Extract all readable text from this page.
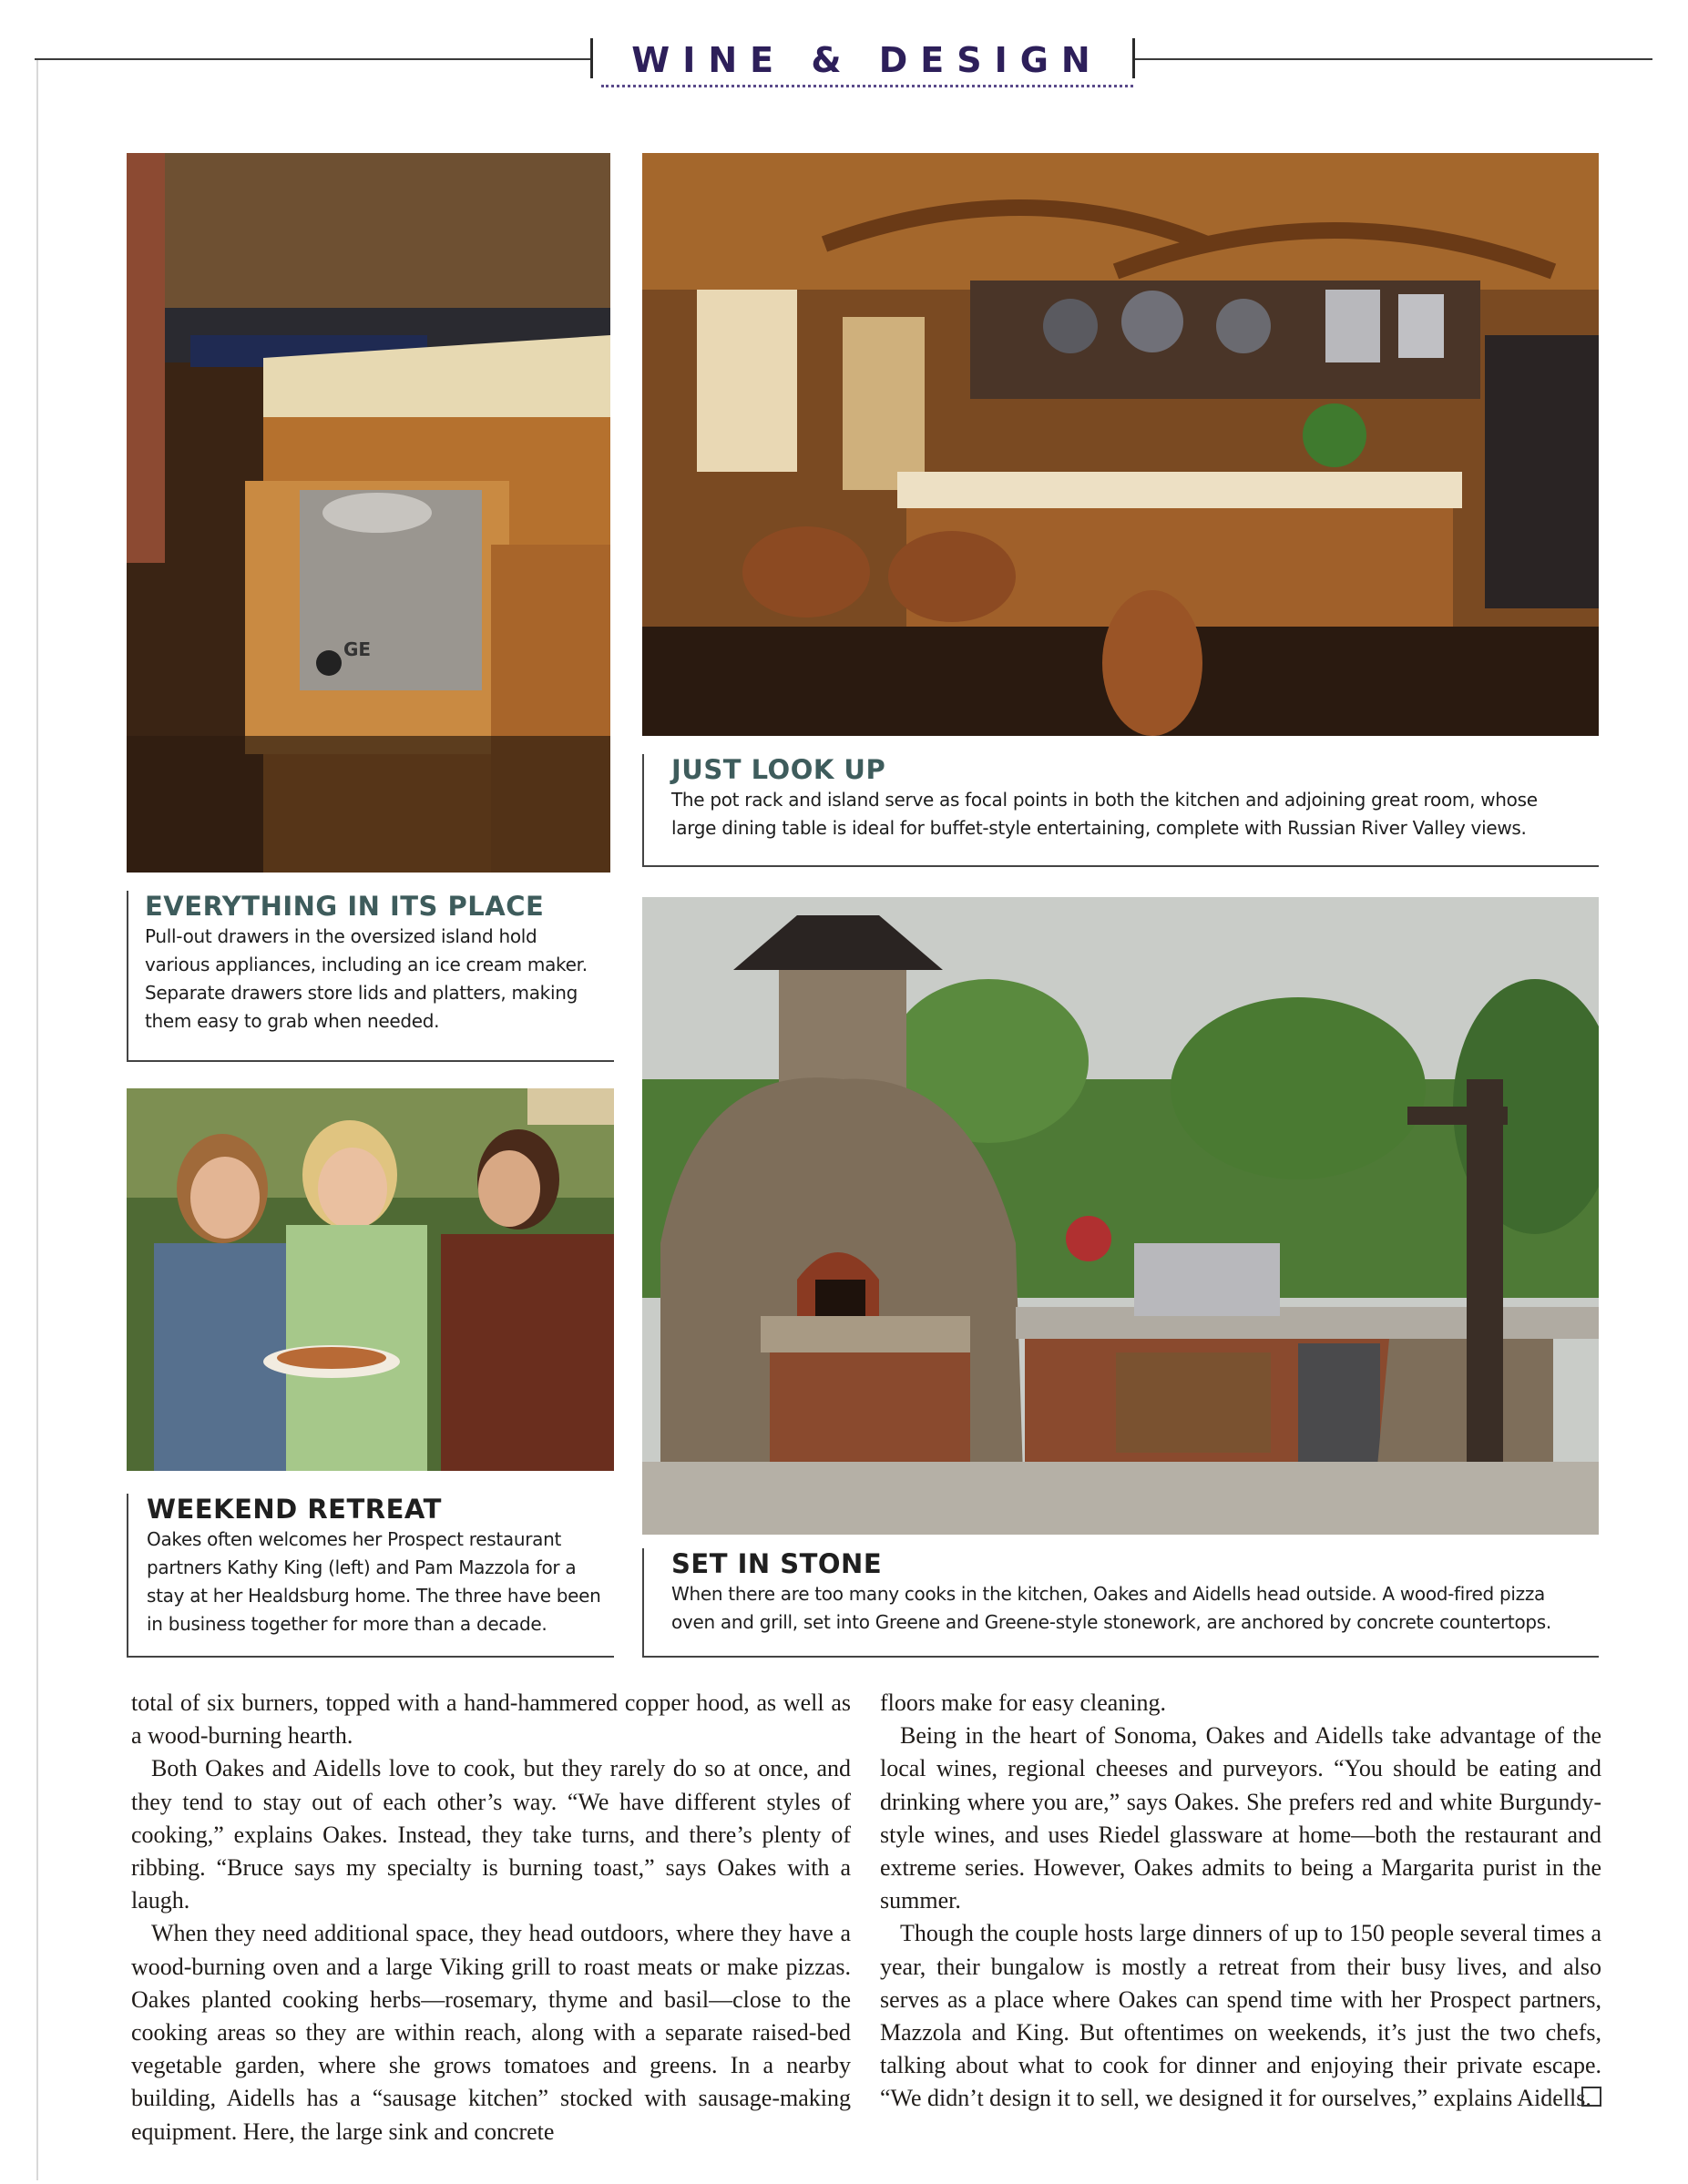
WINE & DESIGN
GE
JUST LOOK UP
The pot rack and island serve as focal points in both the kitchen and adjoining great room, whose
large dining table is ideal for buffet-style entertaining, complete with Russian River Valley views.
EVERYTHING IN ITS PLACE
Pull-out drawers in the oversized island hold
various appliances, including an ice cream maker.
Separate drawers store lids and platters, making
them easy to grab when needed.
WEEKEND RETREAT
Oakes often welcomes her Prospect restaurant
partners Kathy King (left) and Pam Mazzola for a
stay at her Healdsburg home. The three have been
in business together for more than a decade.
SET IN STONE
When there are too many cooks in the kitchen, Oakes and Aidells head outside. A wood-fired pizza
oven and grill, set into Greene and Greene-style stonework, are anchored by concrete countertops.

total of six burners, topped with a hand-hammered copper hood, as well as a wood-burning hearth.

Both Oakes and Aidells love to cook, but they rarely do so at once, and they tend to stay out of each other’s way. “We have different styles of cooking,” explains Oakes. Instead, they take turns, and there’s plenty of ribbing. “Bruce says my specialty is burning toast,” says Oakes with a laugh.

When they need additional space, they head outdoors, where they have a wood-burning oven and a large Viking grill to roast meats or make pizzas. Oakes planted cooking herbs—rosemary, thyme and basil—close to the cooking areas so they are within reach, along with a separate raised-bed vegetable garden, where she grows tomatoes and greens. In a nearby building, Aidells has a “sausage kitchen” stocked with sausage-making equipment. Here, the large sink and concrete

floors make for easy cleaning.

Being in the heart of Sonoma, Oakes and Aidells take advantage of the local wines, regional cheeses and purveyors. “You should be eating and drinking where you are,” says Oakes. She prefers red and white Burgundy-style wines, and uses Riedel glassware at home—both the restaurant and extreme series. However, Oakes admits to being a Margarita purist in the summer.

Though the couple hosts large dinners of up to 150 people several times a year, their bungalow is mostly a retreat from their busy lives, and also serves as a place where Oakes can spend time with her Prospect partners, Mazzola and King. But oftentimes on weekends, it’s just the two chefs, talking about what to cook for dinner and enjoying their private escape. “We didn’t design it to sell, we designed it for ourselves,” explains Aidells.
